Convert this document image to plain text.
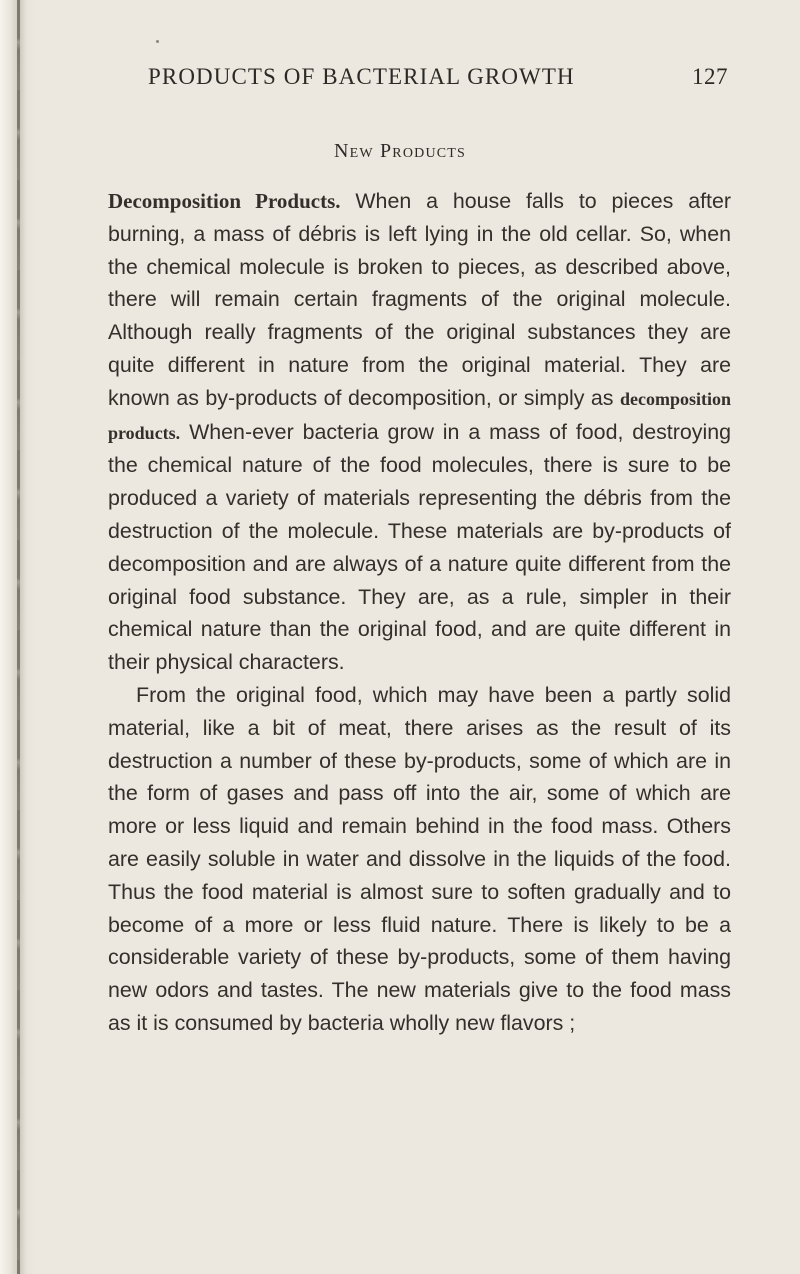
PRODUCTS OF BACTERIAL GROWTH	127
New Products

Decomposition Products. When a house falls to pieces after burning, a mass of débris is left lying in the old cellar. So, when the chemical molecule is broken to pieces, as described above, there will remain certain fragments of the original molecule. Although really fragments of the original substances they are quite different in nature from the original material. They are known as by-products of decomposition, or simply as decomposition products. When-ever bacteria grow in a mass of food, destroying the chemical nature of the food molecules, there is sure to be produced a variety of materials representing the débris from the destruction of the molecule. These materials are by-products of decomposition and are always of a nature quite different from the original food substance. They are, as a rule, simpler in their chemical nature than the original food, and are quite different in their physical characters.

From the original food, which may have been a partly solid material, like a bit of meat, there arises as the result of its destruction a number of these by-products, some of which are in the form of gases and pass off into the air, some of which are more or less liquid and remain behind in the food mass. Others are easily soluble in water and dissolve in the liquids of the food. Thus the food material is almost sure to soften gradually and to become of a more or less fluid nature. There is likely to be a considerable variety of these by-products, some of them having new odors and tastes. The new materials give to the food mass as it is consumed by bacteria wholly new flavors ;
